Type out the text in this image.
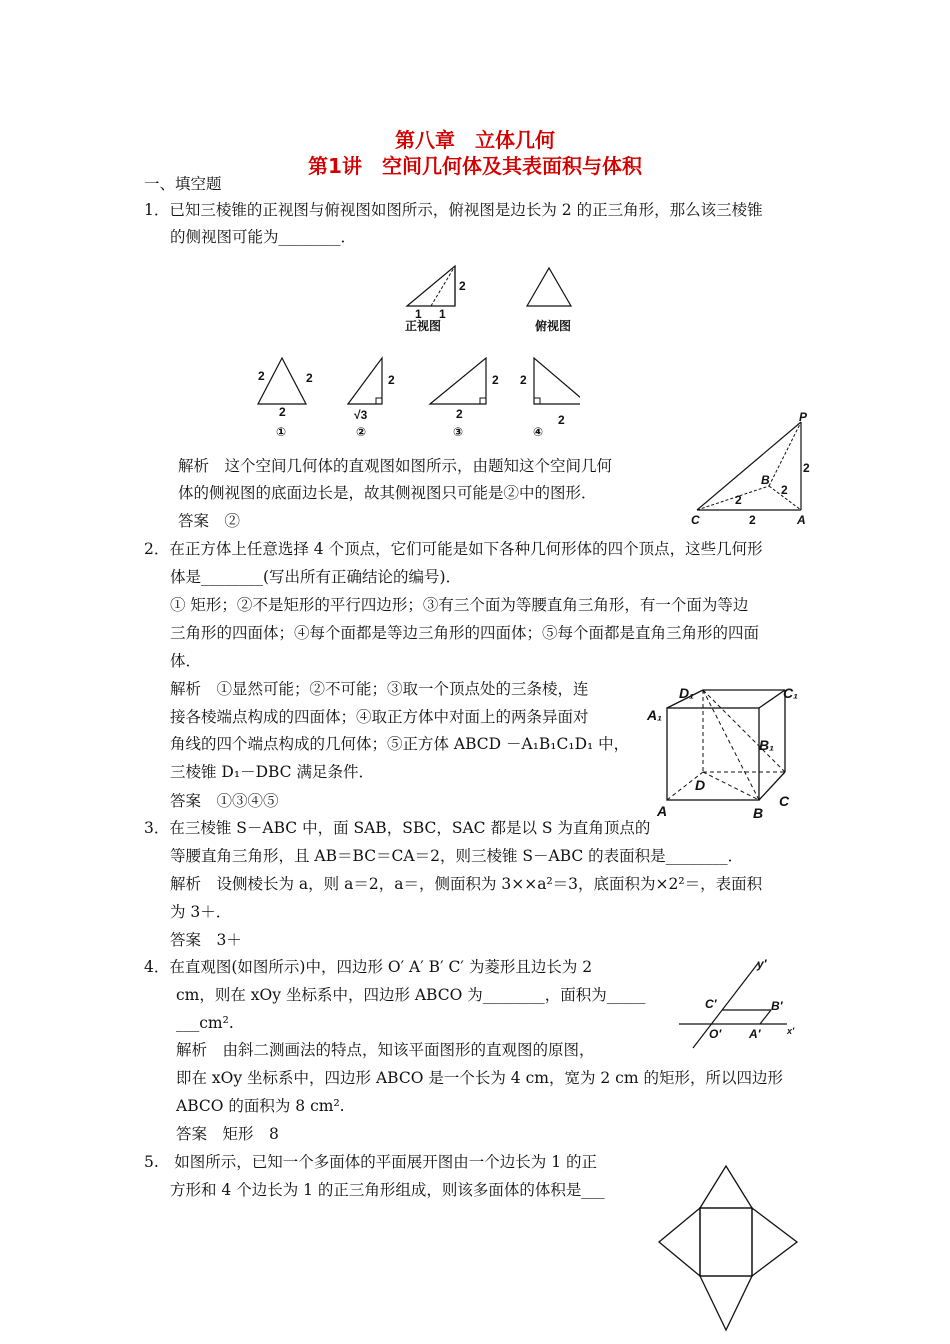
第八章　立体几何
第1讲　空间几何体及其表面积与体积
一、填空题
1．已知三棱锥的正视图与俯视图如图所示，俯视图是边长为 2 的正三角形，那么该三棱锥
的侧视图可能为________．
2
1 1
正视图	俯视图
2	2
2
①
2
√3
②
2
2
③
2
2
④
解析　这个空间几何体的直观图如图所示，由题知这个空间几何
体的侧视图的底面边长是，故其侧视图只可能是②中的图形．
答案　②
P
B
C	A
2
2
2
2
2．在正方体上任意选择 4 个顶点，它们可能是如下各种几何形体的四个顶点，这些几何形
体是________(写出所有正确结论的编号)．
① 矩形；②不是矩形的平行四边形；③有三个面为等腰直角三角形，有一个面为等边
三角形的四面体；④每个面都是等边三角形的四面体；⑤每个面都是直角三角形的四面
体．
解析　①显然可能；②不可能；③取一个顶点处的三条棱，连
接各棱端点构成的四面体；④取正方体中对面上的两条异面对
角线的四个端点构成的几何体；⑤正方体 ABCD －A₁B₁C₁D₁ 中，
三棱锥 D₁－DBC 满足条件．
答案　①③④⑤
D₁	C₁
A₁
B₁
D
C
A	B
3．在三棱锥 S－ABC 中，面 SAB，SBC，SAC 都是以 S 为直角顶点的
等腰直角三角形，且 AB＝BC＝CA＝2，则三棱锥 S－ABC 的表面积是________．
解析　设侧棱长为 a，则 a＝2，a＝，侧面积为 3××a²＝3，底面积为×2²＝，表面积
为 3＋．
答案　3＋
4．在直观图(如图所示)中，四边形 O′ A′ B′ C′ 为菱形且边长为 2
cm，则在 xOy 坐标系中，四边形 ABCO 为________，面积为_____
___cm².
解析　由斜二测画法的特点，知该平面图形的直观图的原图，
即在 xOy 坐标系中，四边形 ABCO 是一个长为 4 cm，宽为 2 cm 的矩形，所以四边形
ABCO 的面积为 8 cm².
答案　矩形　8
y′
x′
C′	B′
O′ A′
5.　如图所示，已知一个多面体的平面展开图由一个边长为 1 的正
方形和 4 个边长为 1 的正三角形组成，则该多面体的体积是___
